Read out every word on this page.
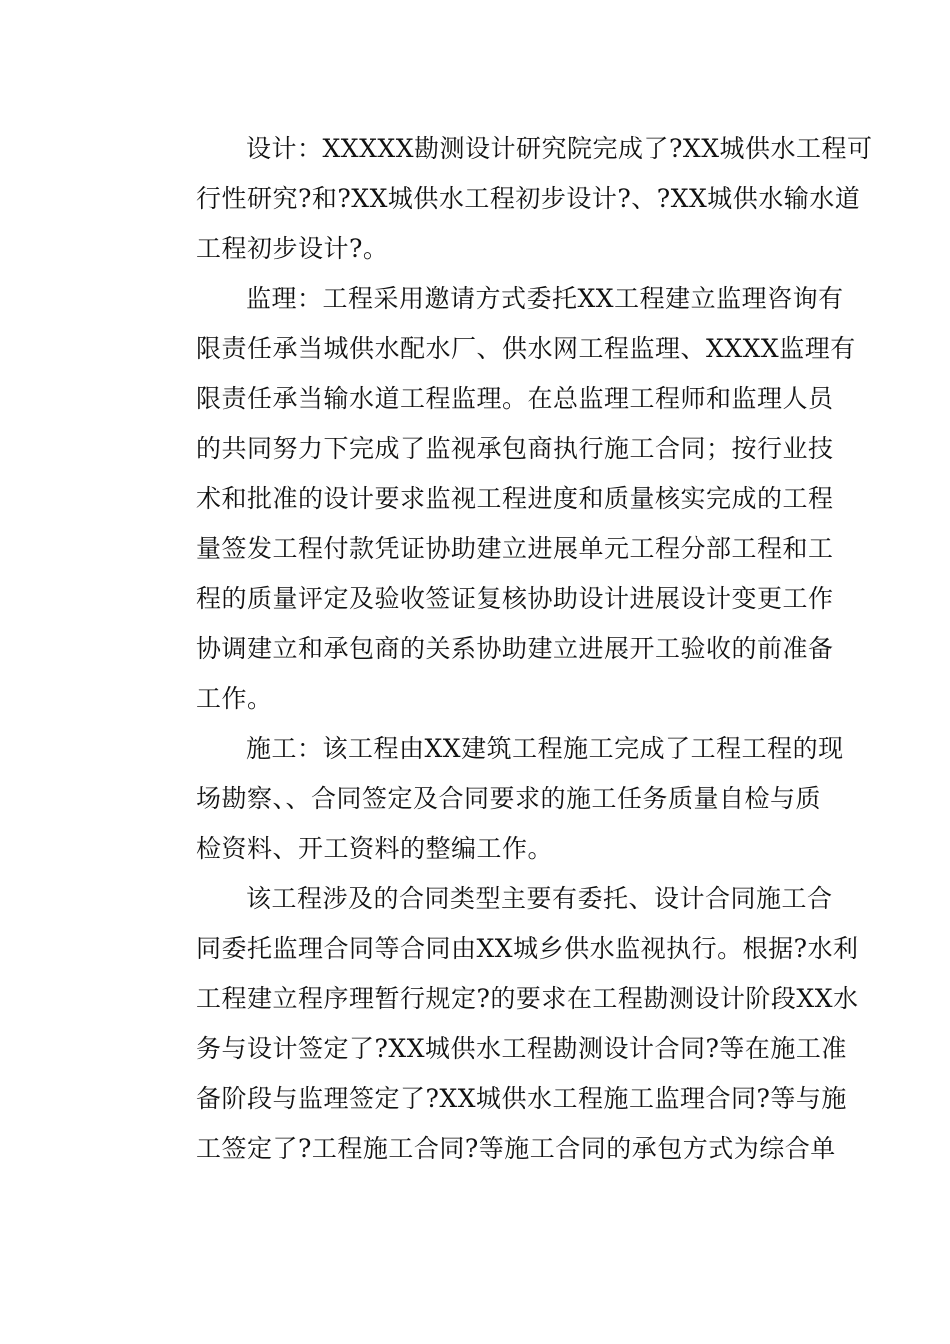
设计：XXXXX勘测设计研究院完成了?XX城供水工程可
行性研究?和?XX城供水工程初步设计?、?XX城供水输水道
工程初步设计?。
监理：工程采用邀请方式委托XX工程建立监理咨询有
限责任承当城供水配水厂、供水网工程监理、XXXX监理有
限责任承当输水道工程监理。在总监理工程师和监理人员
的共同努力下完成了监视承包商执行施工合同；按行业技
术和批准的设计要求监视工程进度和质量核实完成的工程
量签发工程付款凭证协助建立进展单元工程分部工程和工
程的质量评定及验收签证复核协助设计进展设计变更工作
协调建立和承包商的关系协助建立进展开工验收的前准备
工作。
施工：该工程由XX建筑工程施工完成了工程工程的现
场勘察、、合同签定及合同要求的施工任务质量自检与质
检资料、开工资料的整编工作。
该工程涉及的合同类型主要有委托、设计合同施工合
同委托监理合同等合同由XX城乡供水监视执行。根据?水利
工程建立程序理暂行规定?的要求在工程勘测设计阶段XX水
务与设计签定了?XX城供水工程勘测设计合同?等在施工准
备阶段与监理签定了?XX城供水工程施工监理合同?等与施
工签定了?工程施工合同?等施工合同的承包方式为综合单
